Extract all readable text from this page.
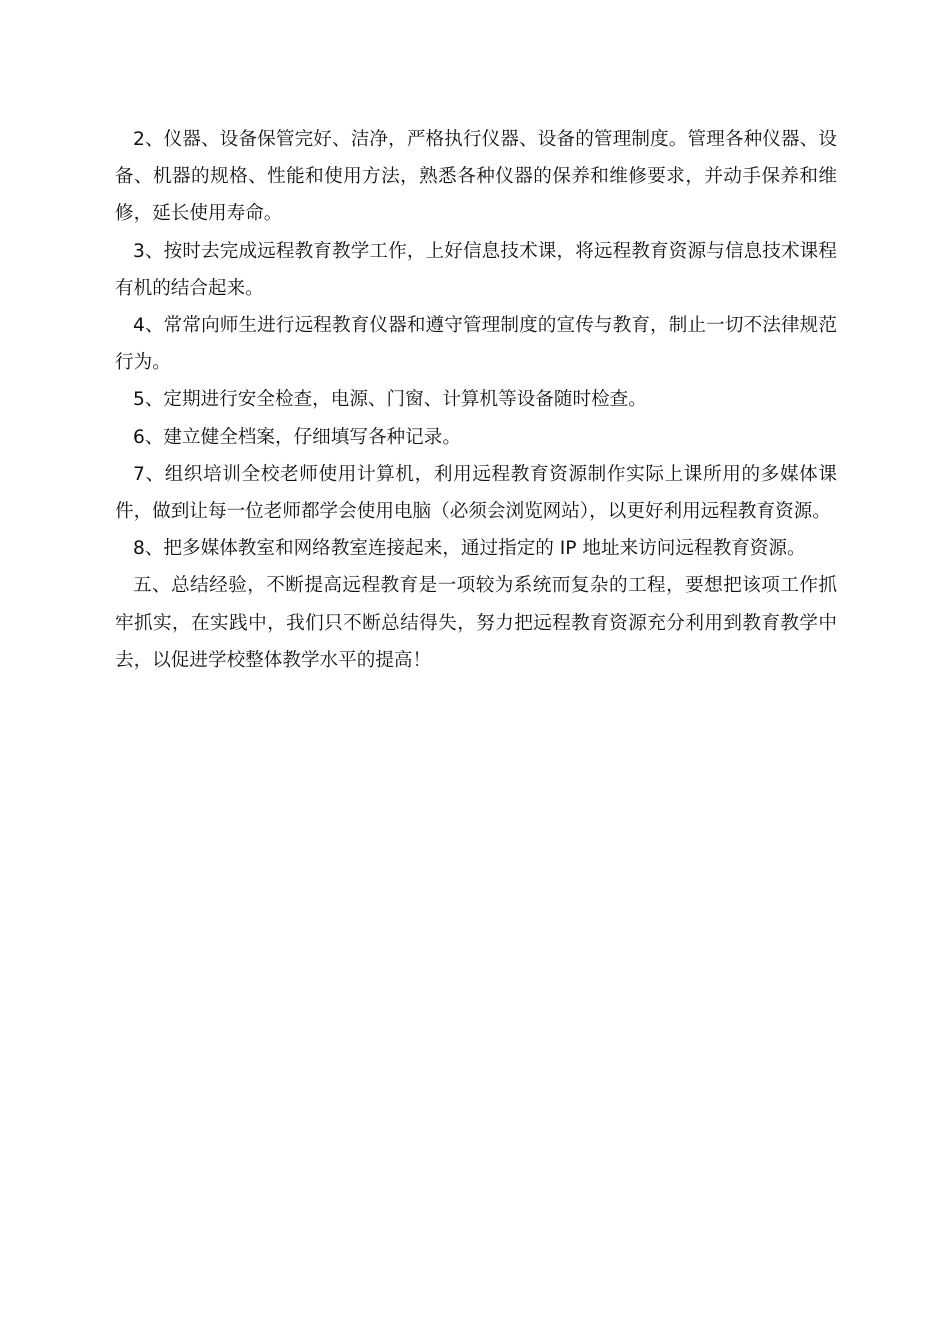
2、仪器、设备保管完好、洁净，严格执行仪器、设备的管理制度。管理各种仪器、设备、机器的规格、性能和使用方法，熟悉各种仪器的保养和维修要求，并动手保养和维修，延长使用寿命。

3、按时去完成远程教育教学工作，上好信息技术课，将远程教育资源与信息技术课程有机的结合起来。

4、常常向师生进行远程教育仪器和遵守管理制度的宣传与教育，制止一切不法律规范行为。

5、定期进行安全检查，电源、门窗、计算机等设备随时检查。

6、建立健全档案，仔细填写各种记录。

7、组织培训全校老师使用计算机，利用远程教育资源制作实际上课所用的多媒体课件，做到让每一位老师都学会使用电脑（必须会浏览网站），以更好利用远程教育资源。

8、把多媒体教室和网络教室连接起来，通过指定的 IP 地址来访问远程教育资源。

五、总结经验，不断提高远程教育是一项较为系统而复杂的工程，要想把该项工作抓牢抓实，在实践中，我们只不断总结得失，努力把远程教育资源充分利用到教育教学中去，以促进学校整体教学水平的提高！
